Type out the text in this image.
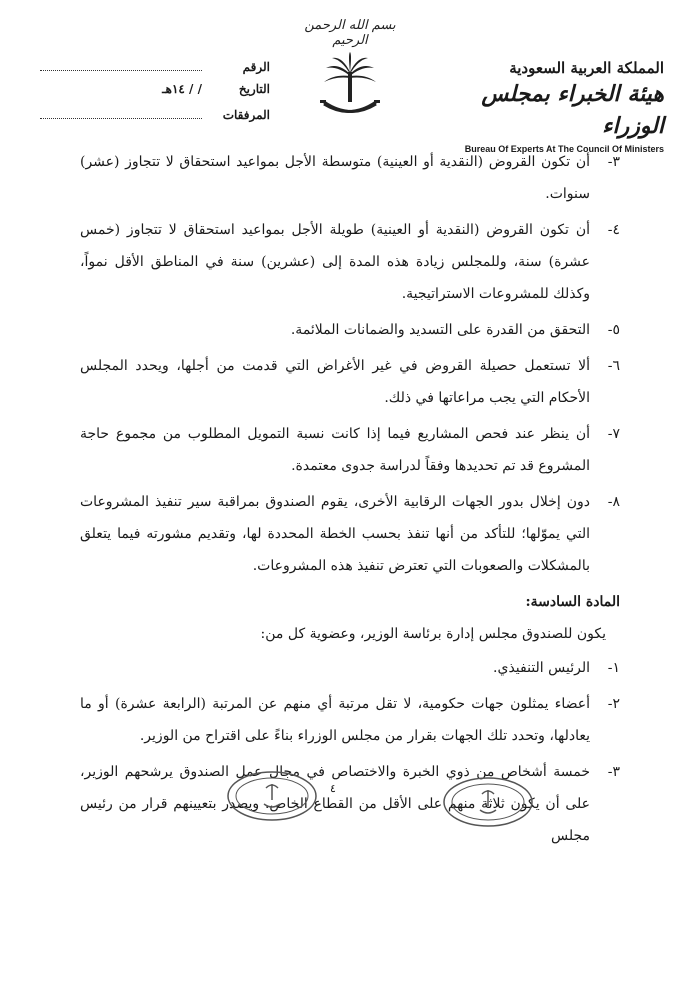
بسم الله الرحمن الرحيم
الرقم
التاريخ
/ / ١٤هـ
المرفقات
المملكة العربية السعودية
هيئة الخبراء بمجلس الوزراء
Bureau Of Experts At The Council Of Ministers
٣-
أن تكون القروض (النقدية أو العينية) متوسطة الأجل بمواعيد استحقاق لا تتجاوز (عشر) سنوات.
٤-
أن تكون القروض (النقدية أو العينية) طويلة الأجل بمواعيد استحقاق لا تتجاوز (خمس عشرة) سنة، وللمجلس زيادة هذه المدة إلى (عشرين) سنة في المناطق الأقل نمواً، وكذلك للمشروعات الاستراتيجية.
٥-
التحقق من القدرة على التسديد والضمانات الملائمة.
٦-
ألا تستعمل حصيلة القروض في غير الأغراض التي قدمت من أجلها، ويحدد المجلس الأحكام التي يجب مراعاتها في ذلك.
٧-
أن ينظر عند فحص المشاريع فيما إذا كانت نسبة التمويل المطلوب من مجموع حاجة المشروع قد تم تحديدها وفقاً لدراسة جدوى معتمدة.
٨-
دون إخلال بدور الجهات الرقابية الأخرى، يقوم الصندوق بمراقبة سير تنفيذ المشروعات التي يموّلها؛ للتأكد من أنها تنفذ بحسب الخطة المحددة لها، وتقديم مشورته فيما يتعلق بالمشكلات والصعوبات التي تعترض تنفيذ هذه المشروعات.

المادة السادسة:

يكون للصندوق مجلس إدارة برئاسة الوزير، وعضوية كل من:

١-
الرئيس التنفيذي.
٢-
أعضاء يمثلون جهات حكومية، لا تقل مرتبة أي منهم عن المرتبة (الرابعة عشرة) أو ما يعادلها، وتحدد تلك الجهات بقرار من مجلس الوزراء بناءً على اقتراح من الوزير.
٣-
خمسة أشخاص من ذوي الخبرة والاختصاص في مجال عمل الصندوق يرشحهم الوزير، على أن يكون ثلاثة منهم على الأقل من القطاع الخاص. ويصدر بتعيينهم قرار من رئيس مجلس
٤
